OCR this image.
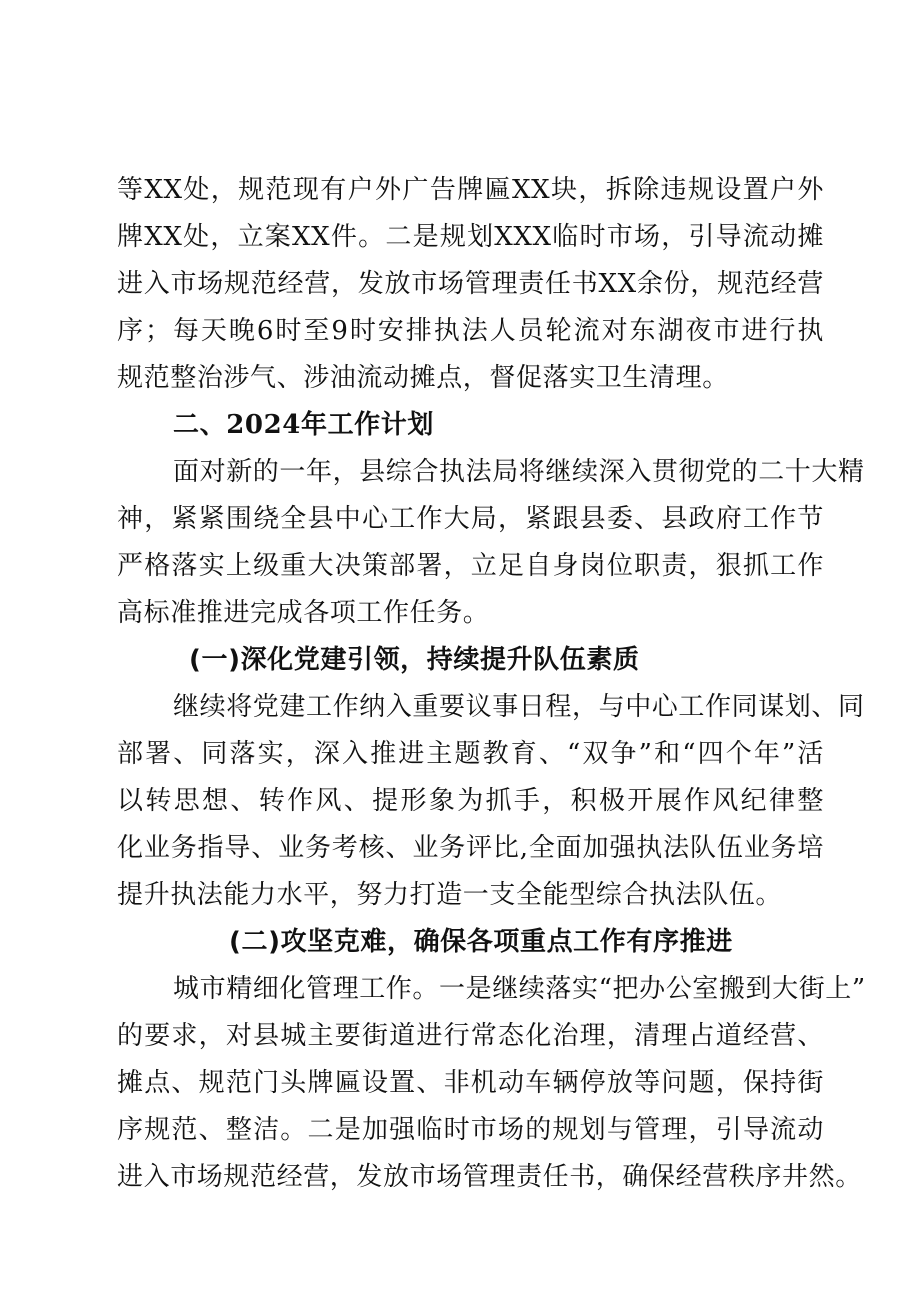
等XX处，规范现有户外广告牌匾XX块，拆除违规设置户外
牌XX处，立案XX件。二是规划XXX临时市场，引导流动摊
进入市场规范经营，发放市场管理责任书XX余份，规范经营
序；每天晚6时至9时安排执法人员轮流对东湖夜市进行执
规范整治涉气、涉油流动摊点，督促落实卫生清理。
二、2024年工作计划
面对新的一年，县综合执法局将继续深入贯彻党的二十大精
神，紧紧围绕全县中心工作大局，紧跟县委、县政府工作节
严格落实上级重大决策部署，立足自身岗位职责，狠抓工作
高标准推进完成各项工作任务。
(一)深化党建引领，持续提升队伍素质
继续将党建工作纳入重要议事日程，与中心工作同谋划、同
部署、同落实，深入推进主题教育、“双争”和“四个年”活
以转思想、转作风、提形象为抓手，积极开展作风纪律整
化业务指导、业务考核、业务评比,全面加强执法队伍业务培
提升执法能力水平，努力打造一支全能型综合执法队伍。
(二)攻坚克难，确保各项重点工作有序推进
城市精细化管理工作。一是继续落实“把办公室搬到大街上”
的要求，对县城主要街道进行常态化治理，清理占道经营、
摊点、规范门头牌匾设置、非机动车辆停放等问题，保持街
序规范、整洁。二是加强临时市场的规划与管理，引导流动
进入市场规范经营，发放市场管理责任书，确保经营秩序井然。
